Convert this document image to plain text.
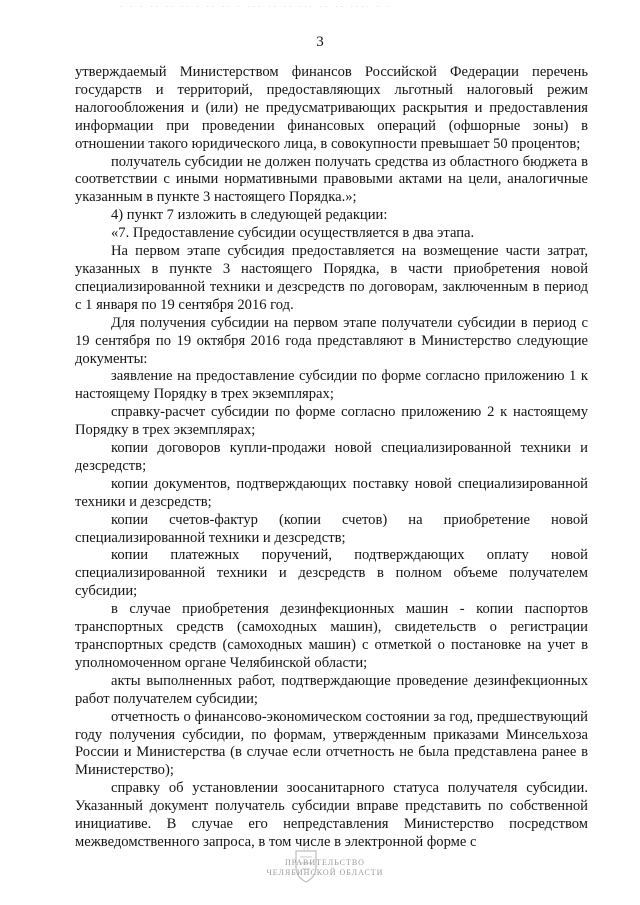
· · · ·· ·· ·· · ·· ·· · ··· ·· ·· ··· ·· ·· ···· · ·
3

утверждаемый Министерством финансов Российской Федерации перечень государств и территорий, предоставляющих льготный налоговый режим налогообложения и (или) не предусматривающих раскрытия и предоставления информации при проведении финансовых операций (офшорные зоны) в отношении такого юридического лица, в совокупности превышает 50 процентов;

получатель субсидии не должен получать средства из областного бюджета в соответствии с иными нормативными правовыми актами на цели, аналогичные указанным в пункте 3 настоящего Порядка.»;

4) пункт 7 изложить в следующей редакции:

«7. Предоставление субсидии осуществляется в два этапа.

На первом этапе субсидия предоставляется на возмещение части затрат, указанных в пункте 3 настоящего Порядка, в части приобретения новой специализированной техники и дезсредств по договорам, заключенным в период с 1 января по 19 сентября 2016 год.

Для получения субсидии на первом этапе получатели субсидии в период с 19 сентября по 19 октября 2016 года представляют в Министерство следующие документы:

заявление на предоставление субсидии по форме согласно приложению 1 к настоящему Порядку в трех экземплярах;

справку-расчет субсидии по форме согласно приложению 2 к настоящему Порядку в трех экземплярах;

копии договоров купли-продажи новой специализированной техники и дезсредств;

копии документов, подтверждающих поставку новой специализированной техники и дезсредств;

копии счетов-фактур (копии счетов) на приобретение новой специализированной техники и дезсредств;

копии платежных поручений, подтверждающих оплату новой специализированной техники и дезсредств в полном объеме получателем субсидии;

в случае приобретения дезинфекционных машин - копии паспортов транспортных средств (самоходных машин), свидетельств о регистрации транспортных средств (самоходных машин) с отметкой о постановке на учет в уполномоченном органе Челябинской области;

акты выполненных работ, подтверждающие проведение дезинфекционных работ получателем субсидии;

отчетность о финансово-экономическом состоянии за год, предшествующий году получения субсидии, по формам, утвержденным приказами Минсельхоза России и Министерства (в случае если отчетность не была представлена ранее в Министерство);

справку об установлении зоосанитарного статуса получателя субсидии. Указанный документ получатель субсидии вправе представить по собственной инициативе. В случае его непредставления Министерство посредством межведомственного запроса, в том числе в электронной форме с

ПРАВИТЕЛЬСТВО
ЧЕЛЯБИНСКОЙ ОБЛАСТИ
